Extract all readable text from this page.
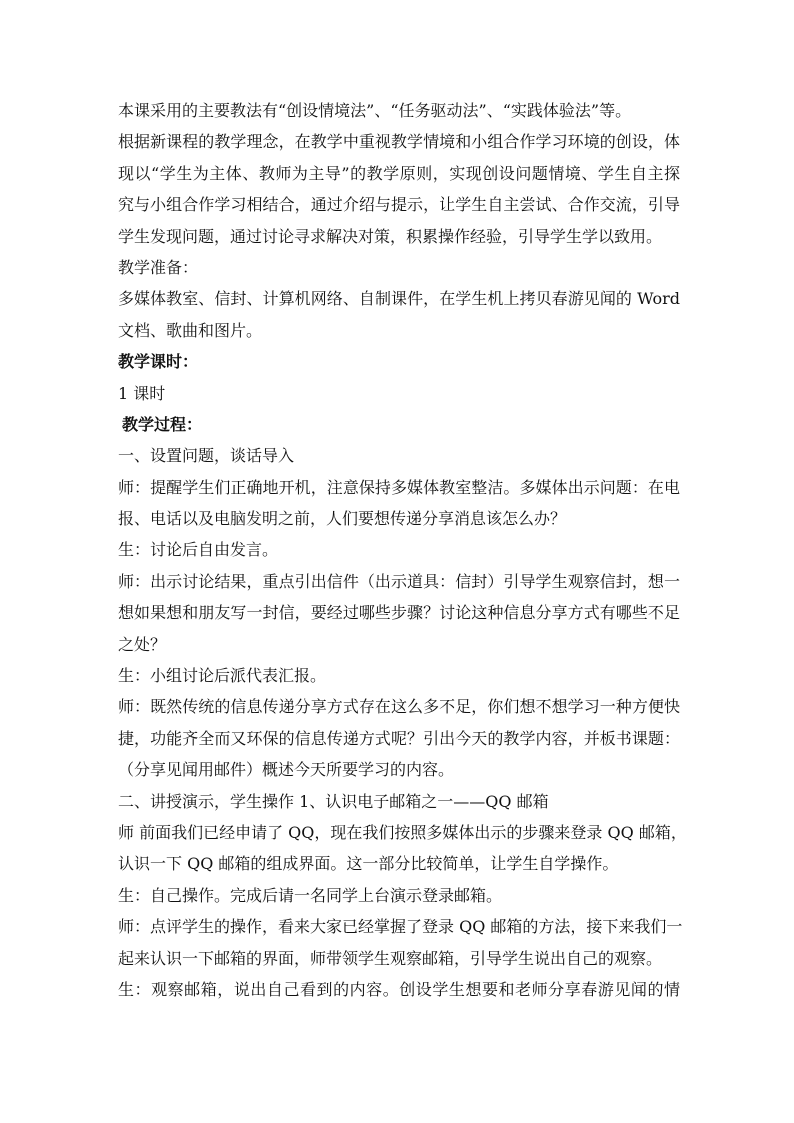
本课采用的主要教法有“创设情境法”、“任务驱动法”、“实践体验法”等。
根据新课程的教学理念，在教学中重视教学情境和小组合作学习环境的创设，体
现以“学生为主体、教师为主导”的教学原则，实现创设问题情境、学生自主探
究与小组合作学习相结合，通过介绍与提示，让学生自主尝试、合作交流，引导
学生发现问题，通过讨论寻求解决对策，积累操作经验，引导学生学以致用。
教学准备：
多媒体教室、信封、计算机网络、自制课件，在学生机上拷贝春游见闻的 Word
文档、歌曲和图片。
教学课时：
1 课时
教学过程：
一、设置问题，谈话导入
师：提醒学生们正确地开机，注意保持多媒体教室整洁。多媒体出示问题：在电
报、电话以及电脑发明之前，人们要想传递分享消息该怎么办？
生：讨论后自由发言。
师：出示讨论结果，重点引出信件（出示道具：信封）引导学生观察信封，想一
想如果想和朋友写一封信，要经过哪些步骤？讨论这种信息分享方式有哪些不足
之处？
生：小组讨论后派代表汇报。
师：既然传统的信息传递分享方式存在这么多不足，你们想不想学习一种方便快
捷，功能齐全而又环保的信息传递方式呢？引出今天的教学内容，并板书课题：
（分享见闻用邮件）概述今天所要学习的内容。
二、讲授演示，学生操作 1、认识电子邮箱之一——QQ 邮箱
师 前面我们已经申请了 QQ，现在我们按照多媒体出示的步骤来登录 QQ 邮箱，
认识一下 QQ 邮箱的组成界面。这一部分比较简单，让学生自学操作。
生：自己操作。完成后请一名同学上台演示登录邮箱。
师：点评学生的操作，看来大家已经掌握了登录 QQ 邮箱的方法，接下来我们一
起来认识一下邮箱的界面，师带领学生观察邮箱，引导学生说出自己的观察。
生：观察邮箱，说出自己看到的内容。创设学生想要和老师分享春游见闻的情
